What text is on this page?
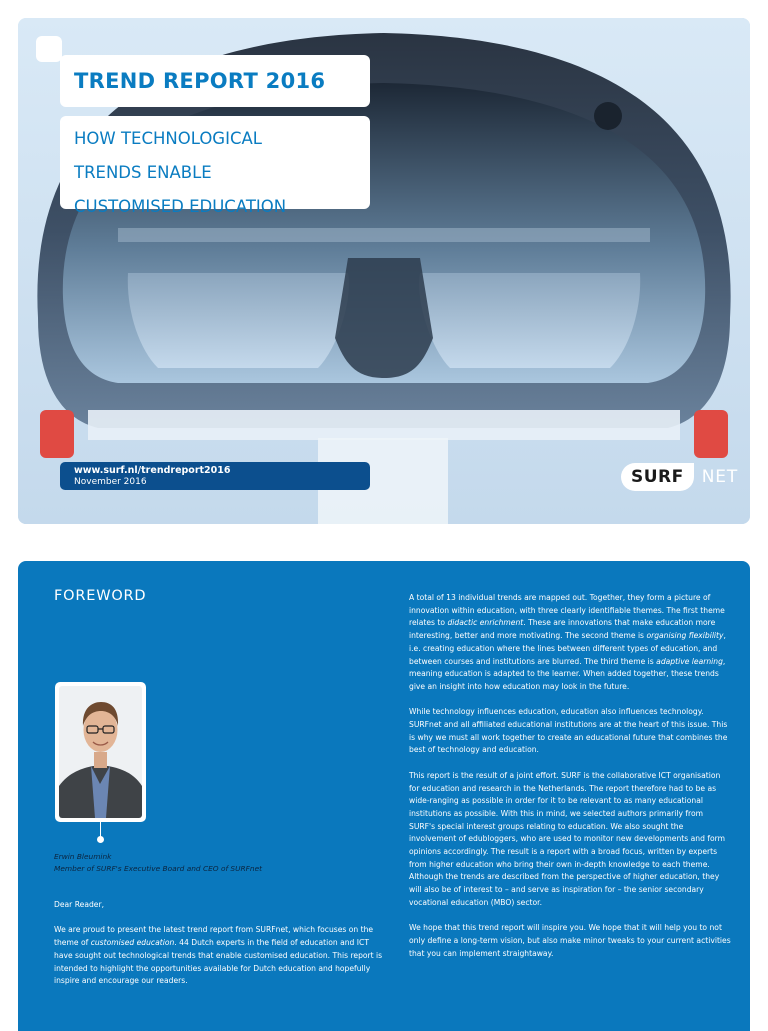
TREND REPORT 2016
HOW TECHNOLOGICAL
TRENDS ENABLE
CUSTOMISED EDUCATION
www.surf.nl/trendreport2016
November 2016	SURF	NET
FOREWORD
Erwin Bleumink
Member of SURF's Executive Board and CEO of SURFnet
Dear Reader,
We are proud to present the latest trend report from SURFnet, which focuses on the theme of customised education. 44 Dutch experts in the field of education and ICT have sought out technological trends that enable customised education. This report is intended to highlight the opportunities available for Dutch education and hopefully inspire and encourage our readers.
A total of 13 individual trends are mapped out. Together, they form a picture of innovation within education, with three clearly identifiable themes. The first theme relates to didactic enrichment. These are innovations that make education more interesting, better and more motivating. The second theme is organising flexibility, i.e. creating education where the lines between different types of education, and between courses and institutions are blurred. The third theme is adaptive learning, meaning education is adapted to the learner. When added together, these trends give an insight into how education may look in the future.
While technology influences education, education also influences technology. SURFnet and all affiliated educational institutions are at the heart of this issue. This is why we must all work together to create an educational future that combines the best of technology and education.
This report is the result of a joint effort. SURF is the collaborative ICT organisation for education and research in the Netherlands. The report therefore had to be as wide-ranging as possible in order for it to be relevant to as many educational institutions as possible. With this in mind, we selected authors primarily from SURF's special interest groups relating to education. We also sought the involvement of edubloggers, who are used to monitor new developments and form opinions accordingly. The result is a report with a broad focus, written by experts from higher education who bring their own in-depth knowledge to each theme. Although the trends are described from the perspective of higher education, they will also be of interest to – and serve as inspiration for – the senior secondary vocational education (MBO) sector.
We hope that this trend report will inspire you. We hope that it will help you to not only define a long-term vision, but also make minor tweaks to your current activities that you can implement straightaway.
